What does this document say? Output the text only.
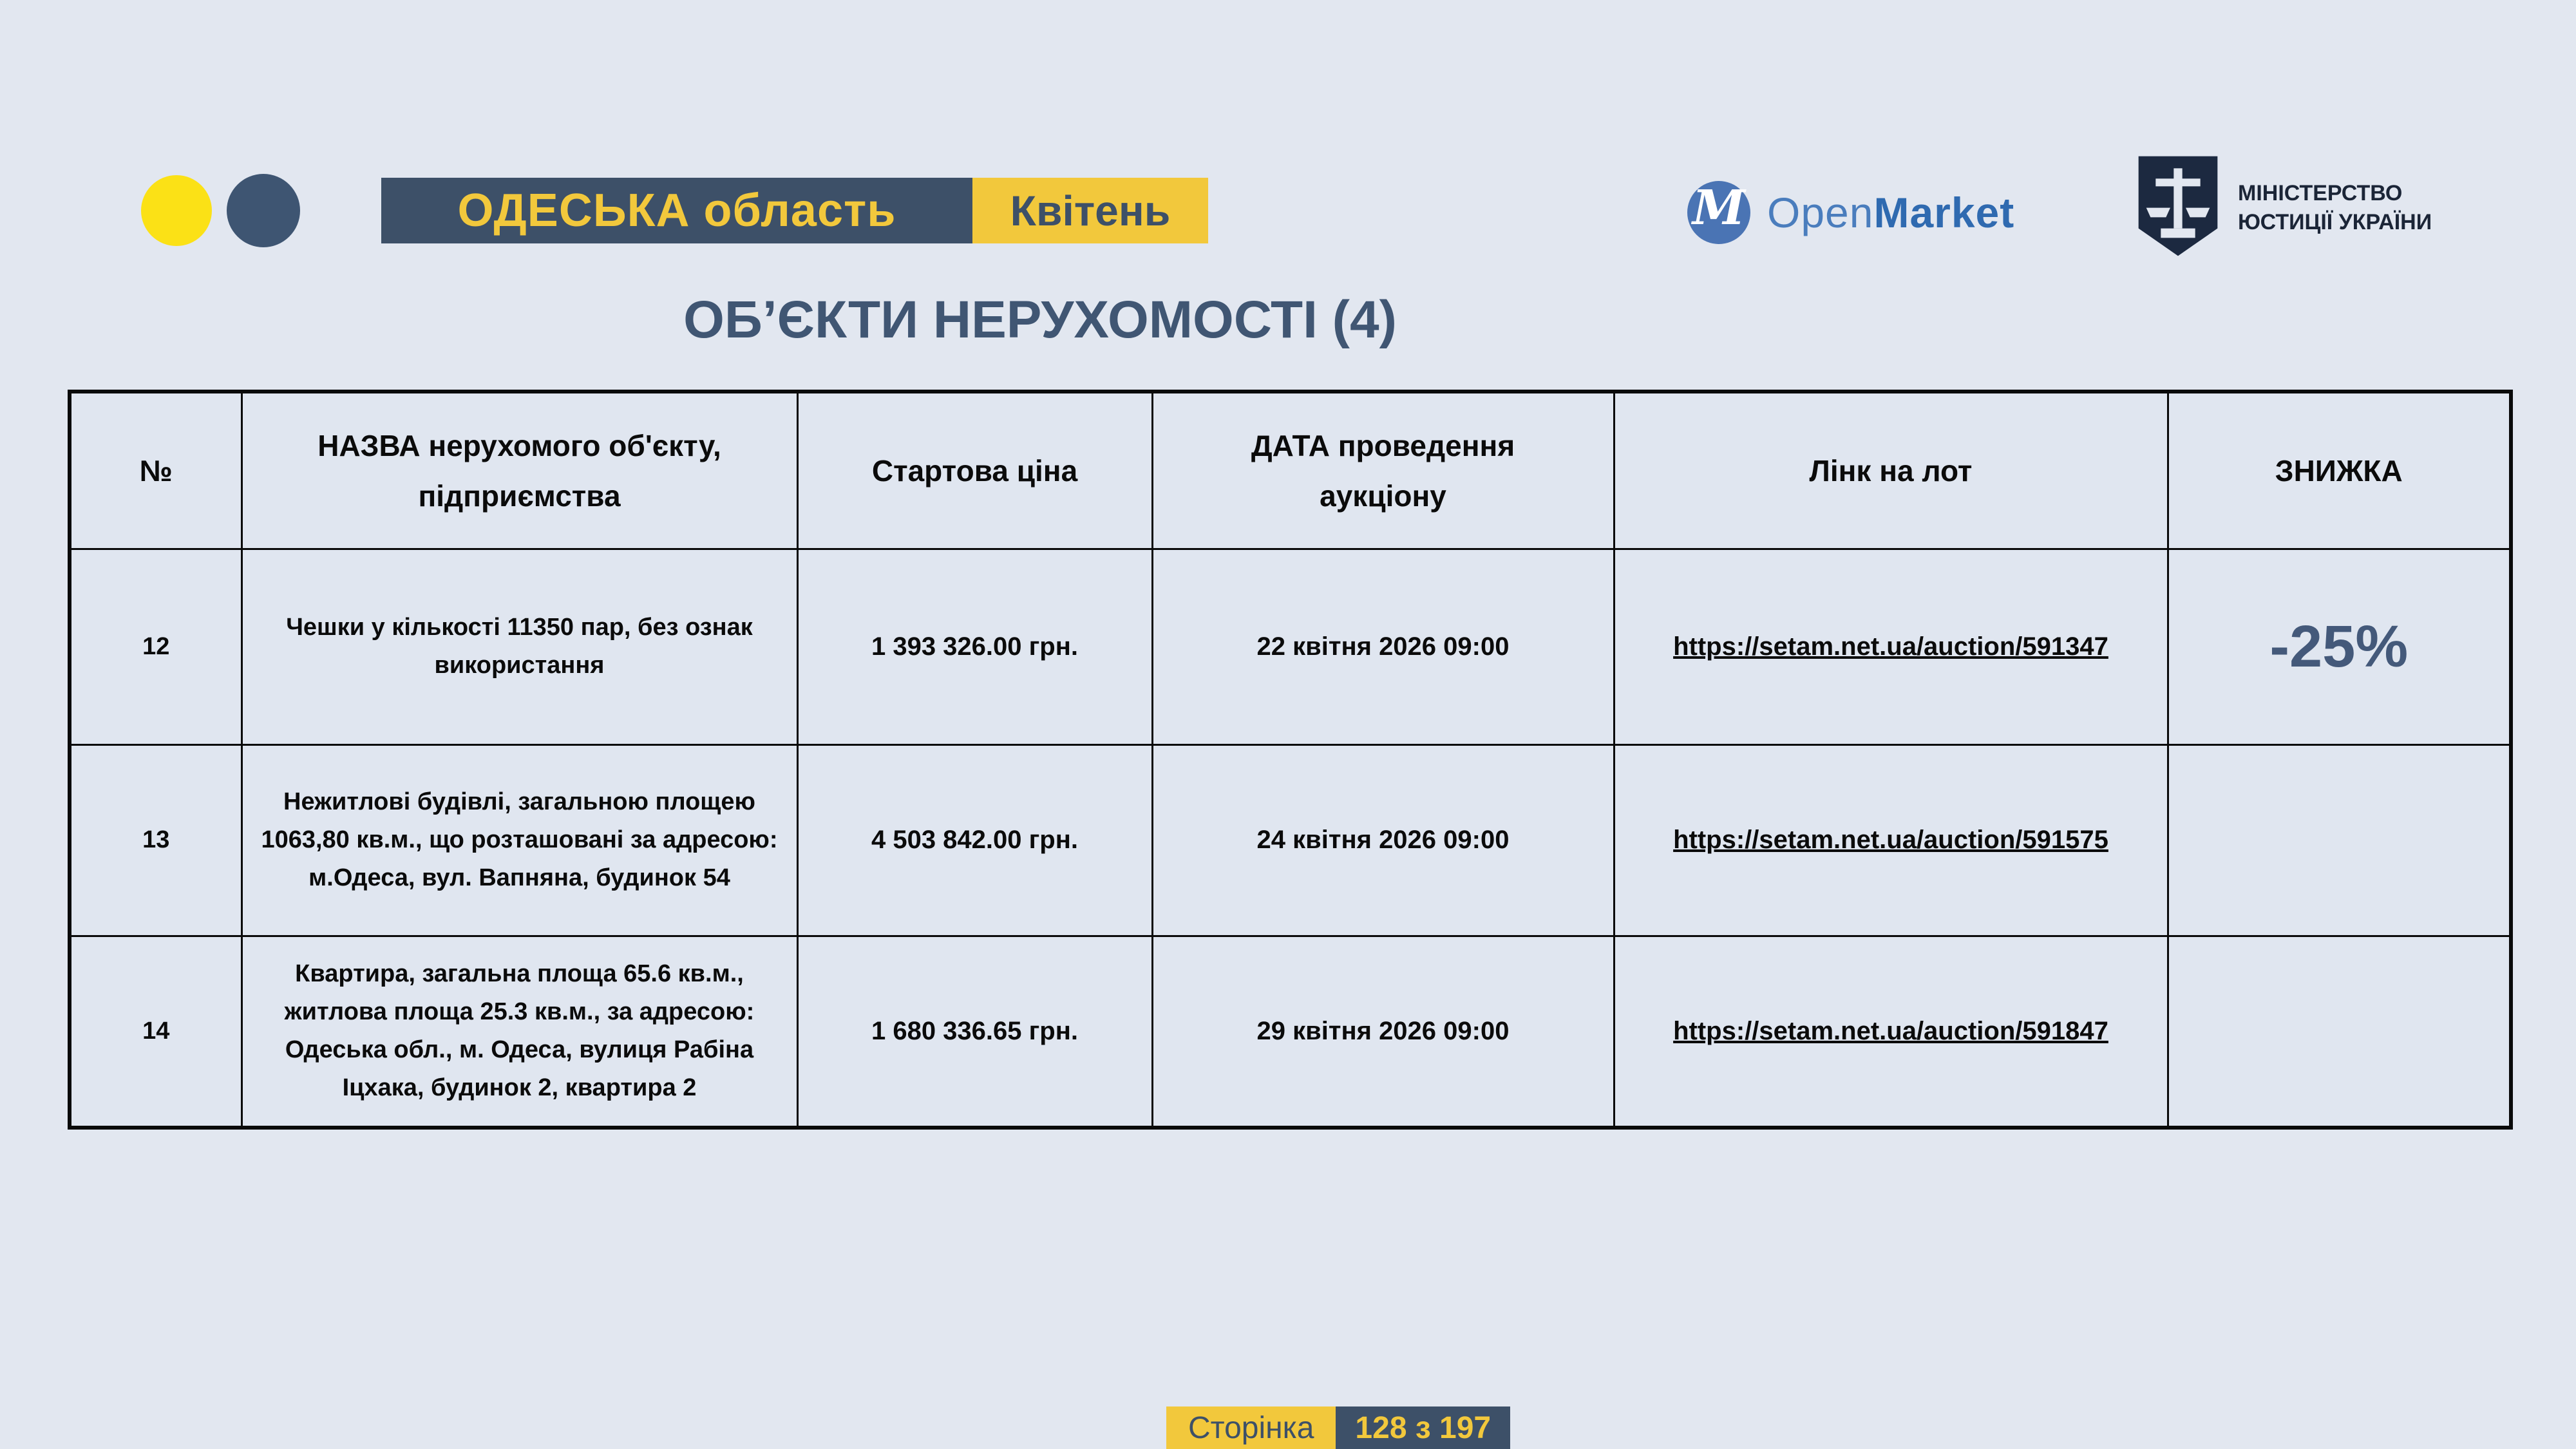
ОДЕСЬКА область	Квітень	M OpenMarket	МІНІСТЕРСТВО
ЮСТИЦІЇ УКРАЇНИ
ОБ’ЄКТИ НЕРУХОМОСТІ (4)
№	НАЗВА нерухомого об'єкту, підприємства	Стартова ціна	ДАТА проведення аукціону	Лінк на лот	ЗНИЖКА
12	Чешки у кількості 11350 пар, без ознак використання	1 393 326.00 грн.	22 квітня 2026 09:00	https://setam.net.ua/auction/591347	-25%
13	Нежитлові будівлі, загальною площею 1063,80 кв.м., що розташовані за адресою: м.Одеса, вул. Вапняна, будинок 54	4 503 842.00 грн.	24 квітня 2026 09:00	https://setam.net.ua/auction/591575	
14	Квартира, загальна площа 65.6 кв.м., житлова площа 25.3 кв.м., за адресою: Одеська обл., м. Одеса, вулиця Рабіна Іцхака, будинок 2, квартира 2	1 680 336.65 грн.	29 квітня 2026 09:00	https://setam.net.ua/auction/591847	
Сторінка	128 з 197
